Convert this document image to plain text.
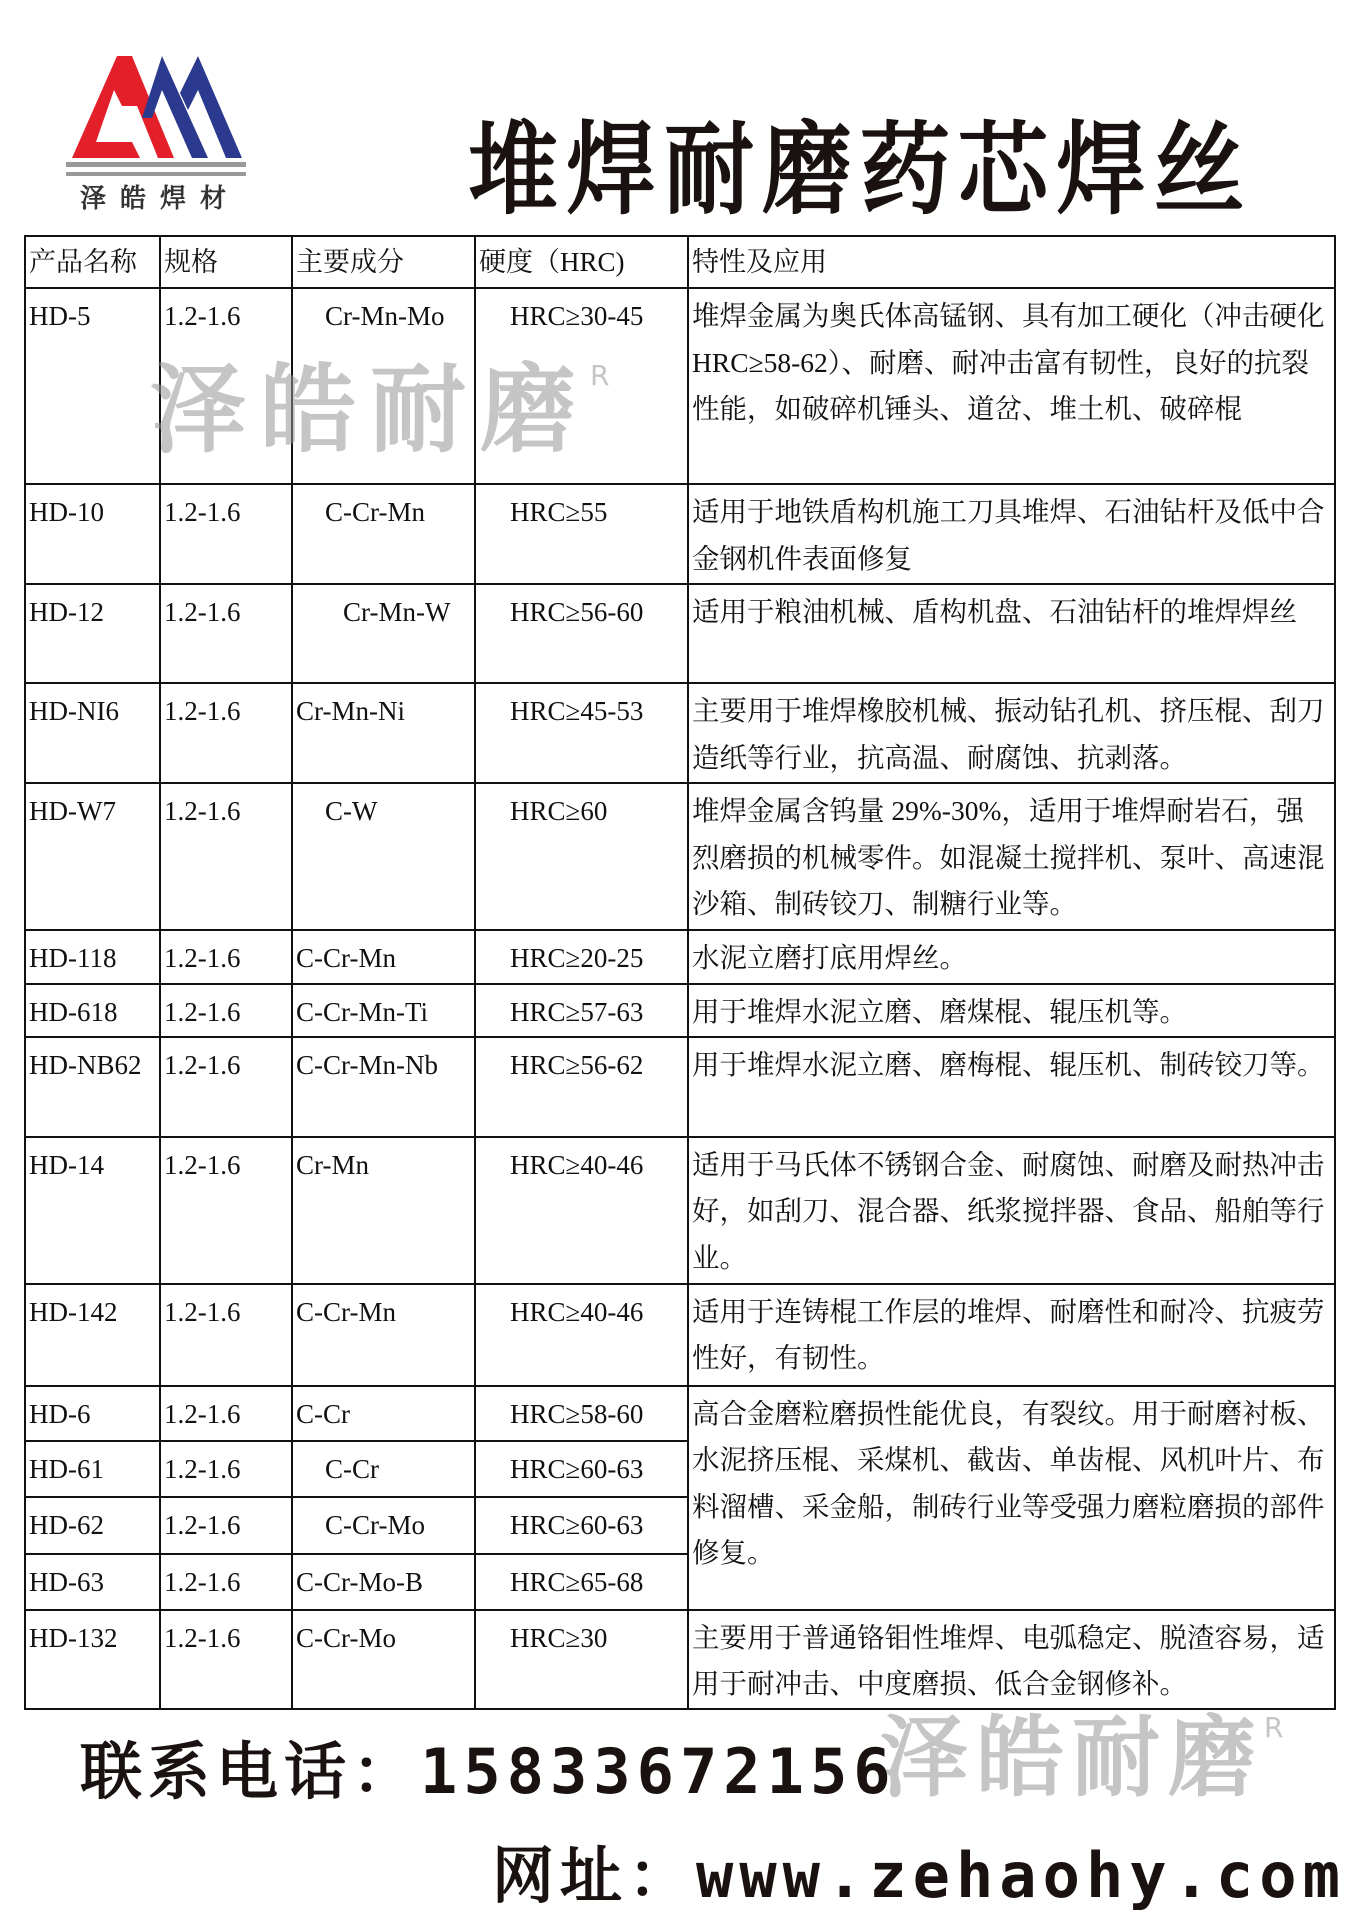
泽皓焊材	堆焊耐磨药芯焊丝
产品名称	规格	主要成分	硬度（HRC)	特性及应用
HD-5	1.2-1.6	Cr-Mn-Mo	HRC≥30-45	堆焊金属为奥氏体高锰钢、具有加工硬化（冲击硬化 HRC≥58-62）、耐磨、耐冲击富有韧性，良好的抗裂性能，如破碎机锤头、道岔、堆土机、破碎棍
HD-10	1.2-1.6	C-Cr-Mn	HRC≥55	适用于地铁盾构机施工刀具堆焊、石油钻杆及低中合金钢机件表面修复
HD-12	1.2-1.6	Cr-Mn-W	HRC≥56-60	适用于粮油机械、盾构机盘、石油钻杆的堆焊焊丝
HD-NI6	1.2-1.6	Cr-Mn-Ni	HRC≥45-53	主要用于堆焊橡胶机械、振动钻孔机、挤压棍、刮刀造纸等行业，抗高温、耐腐蚀、抗剥落。
HD-W7	1.2-1.6	C-W	HRC≥60	堆焊金属含钨量 29%-30%，适用于堆焊耐岩石，强烈磨损的机械零件。如混凝土搅拌机、泵叶、高速混沙箱、制砖铰刀、制糖行业等。
HD-118	1.2-1.6	C-Cr-Mn	HRC≥20-25	水泥立磨打底用焊丝。
HD-618	1.2-1.6	C-Cr-Mn-Ti	HRC≥57-63	用于堆焊水泥立磨、磨煤棍、辊压机等。
HD-NB62	1.2-1.6	C-Cr-Mn-Nb	HRC≥56-62	用于堆焊水泥立磨、磨梅棍、辊压机、制砖铰刀等。
HD-14	1.2-1.6	Cr-Mn	HRC≥40-46	适用于马氏体不锈钢合金、耐腐蚀、耐磨及耐热冲击好，如刮刀、混合器、纸浆搅拌器、食品、船舶等行业。
HD-142	1.2-1.6	C-Cr-Mn	HRC≥40-46	适用于连铸棍工作层的堆焊、耐磨性和耐冷、抗疲劳性好，有韧性。
HD-6	1.2-1.6	C-Cr	HRC≥58-60	高合金磨粒磨损性能优良，有裂纹。用于耐磨衬板、水泥挤压棍、采煤机、截齿、单齿棍、风机叶片、布料溜槽、采金船，制砖行业等受强力磨粒磨损的部件修复。
HD-61	1.2-1.6	C-Cr	HRC≥60-63	
HD-62	1.2-1.6	C-Cr-Mo	HRC≥60-63	
HD-63	1.2-1.6	C-Cr-Mo-B	HRC≥65-68	
HD-132	1.2-1.6	C-Cr-Mo	HRC≥30	主要用于普通铬钼性堆焊、电弧稳定、脱渣容易，适用于耐冲击、中度磨损、低合金钢修补。
泽皓耐磨$^R$
泽皓耐磨$^R$
联系电话：15833672156
网址：www.zehaohy.com
